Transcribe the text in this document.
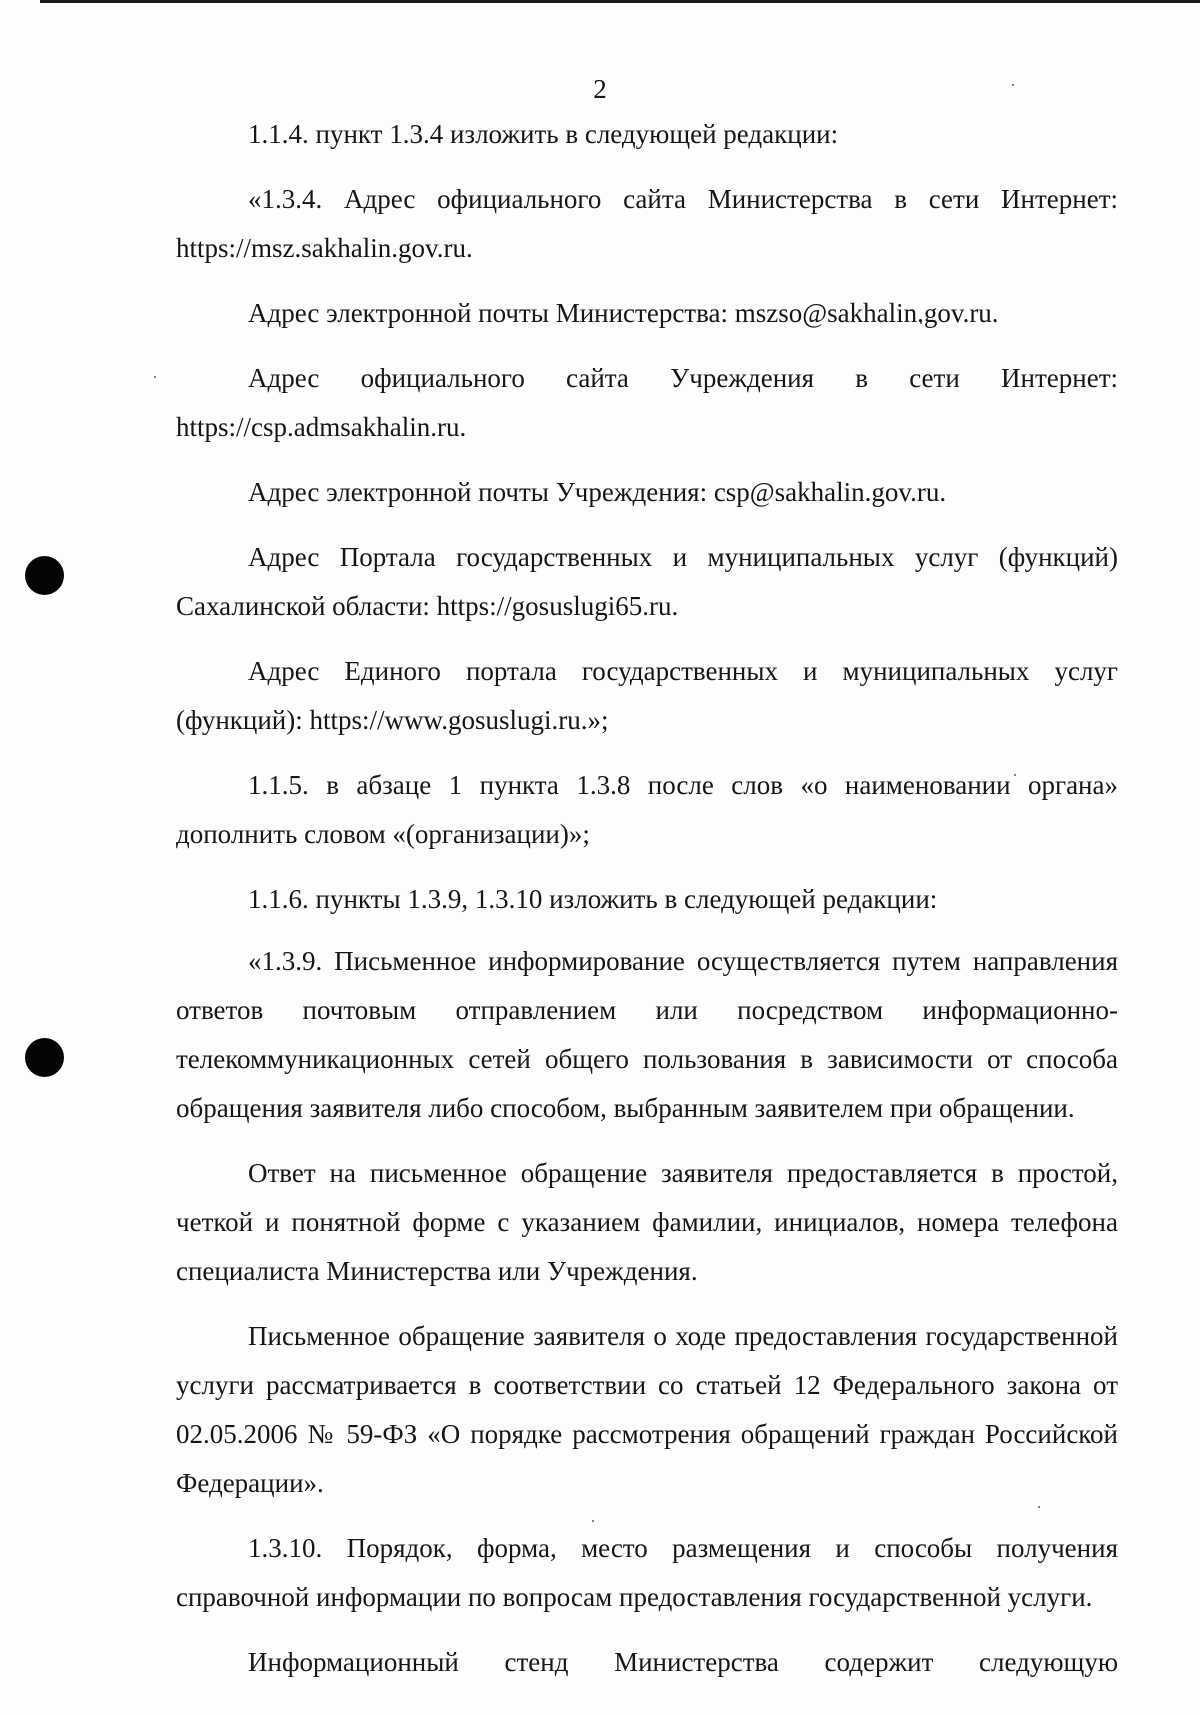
2

1.1.4. пункт 1.3.4 изложить в следующей редакции:

«1.3.4. Адрес официального сайта Министерства в сети Интернет: https://msz.sakhalin.gov.ru.

Адрес электронной почты Министерства: mszso@sakhalin.gov.ru.

Адрес официального сайта Учреждения в сети Интернет: https://csp.admsakhalin.ru.

Адрес электронной почты Учреждения: csp@sakhalin.gov.ru.

Адрес Портала государственных и муниципальных услуг (функций) Сахалинской области: https://gosuslugi65.ru.

Адрес Единого портала государственных и муниципальных услуг (функций): https://www.gosuslugi.ru.»;

1.1.5. в абзаце 1 пункта 1.3.8 после слов «о наименовании органа» дополнить словом «(организации)»;

1.1.6. пункты 1.3.9, 1.3.10 изложить в следующей редакции:

«1.3.9. Письменное информирование осуществляется путем направления ответов почтовым отправлением или посредством информационно-телекоммуникационных сетей общего пользования в зависимости от способа обращения заявителя либо способом, выбранным заявителем при обращении.

Ответ на письменное обращение заявителя предоставляется в простой, четкой и понятной форме с указанием фамилии, инициалов, номера телефона специалиста Министерства или Учреждения.

Письменное обращение заявителя о ходе предоставления государственной услуги рассматривается в соответствии со статьей 12 Федерального закона от 02.05.2006 № 59-ФЗ «О порядке рассмотрения обращений граждан Российской Федерации».

1.3.10. Порядок, форма, место размещения и способы получения справочной информации по вопросам предоставления государственной услуги.

Информационный стенд Министерства содержит следующую
